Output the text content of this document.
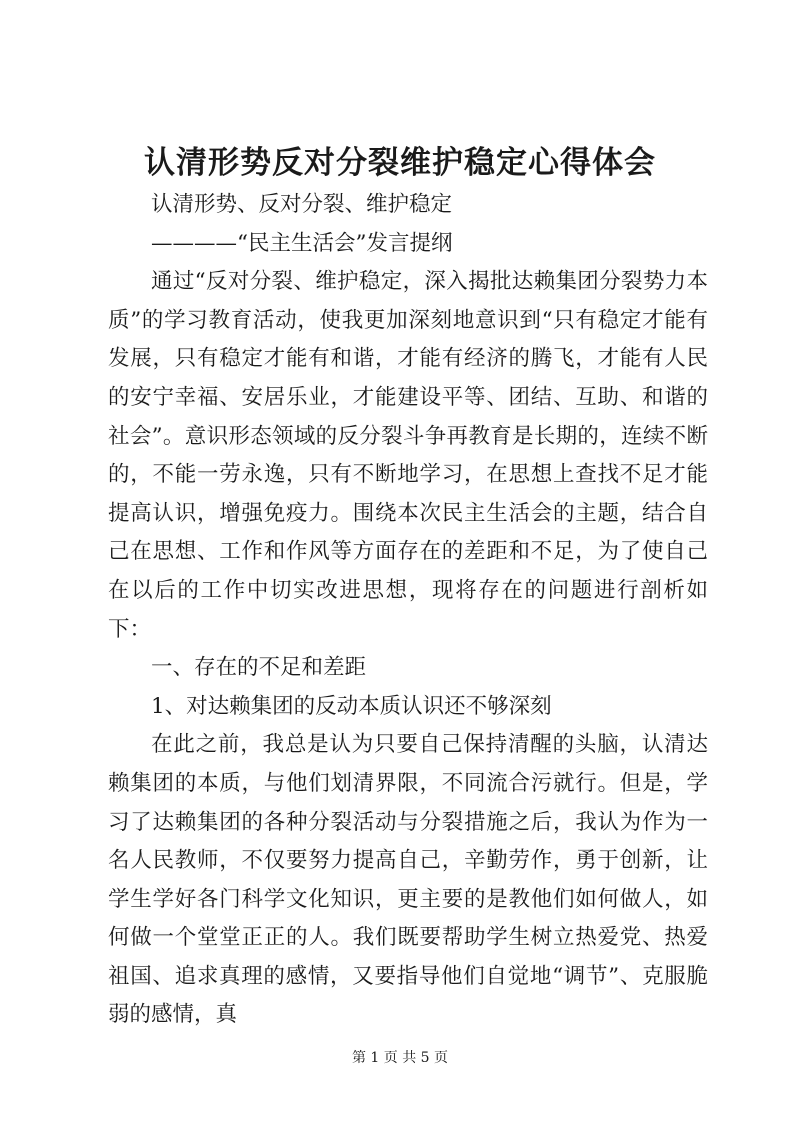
认清形势反对分裂维护稳定心得体会

认清形势、反对分裂、维护稳定

————“民主生活会”发言提纲

通过“反对分裂、维护稳定，深入揭批达赖集团分裂势力本质”的学习教育活动，使我更加深刻地意识到“只有稳定才能有发展，只有稳定才能有和谐，才能有经济的腾飞，才能有人民的安宁幸福、安居乐业，才能建设平等、团结、互助、和谐的社会”。意识形态领域的反分裂斗争再教育是长期的，连续不断的，不能一劳永逸，只有不断地学习，在思想上查找不足才能提高认识，增强免疫力。围绕本次民主生活会的主题，结合自己在思想、工作和作风等方面存在的差距和不足，为了使自己在以后的工作中切实改进思想，现将存在的问题进行剖析如下：

一、存在的不足和差距

1、对达赖集团的反动本质认识还不够深刻

在此之前，我总是认为只要自己保持清醒的头脑，认清达赖集团的本质，与他们划清界限，不同流合污就行。但是，学习了达赖集团的各种分裂活动与分裂措施之后，我认为作为一名人民教师，不仅要努力提高自己，辛勤劳作，勇于创新，让学生学好各门科学文化知识，更主要的是教他们如何做人，如何做一个堂堂正正的人。我们既要帮助学生树立热爱党、热爱祖国、追求真理的感情，又要指导他们自觉地“调节”、克服脆弱的感情，真

第 1 页 共 5 页
